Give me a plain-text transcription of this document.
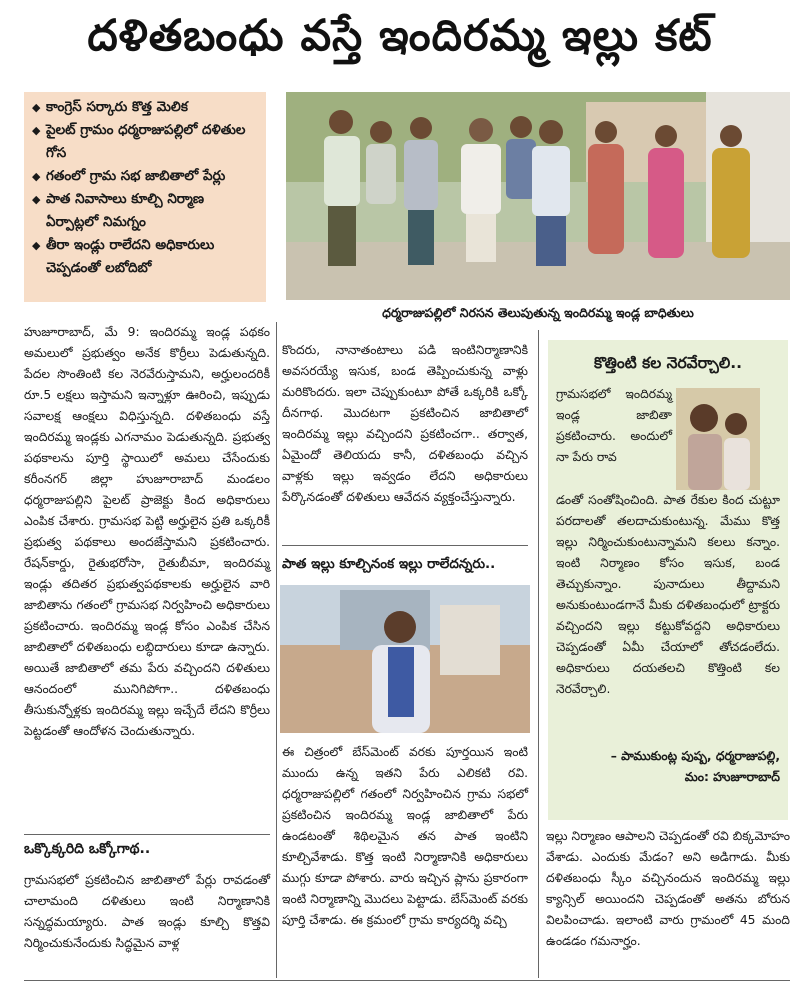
దళితబంధు వస్తే ఇందిరమ్మ ఇల్లు కట్
◆ కాంగ్రెస్ సర్కారు కొత్త మెలిక
◆ పైలట్ గ్రామం ధర్మరాజుపల్లిలో దళితుల గోస
◆ గతంలో గ్రామ సభ జాబితాలో పేర్లు
◆ పాత నివాసాలు కూల్చి నిర్మాణ ఏర్పాట్లలో నిమగ్నం
◆ తీరా ఇండ్లు రాలేదని అధికారులు చెప్పడంతో లబోదిబో
ధర్మరాజుపల్లిలో నిరసన తెలుపుతున్న ఇందిరమ్మ ఇండ్ల బాధితులు

హుజూరాబాద్, మే 9: ఇందిరమ్మ ఇండ్ల పథకం అమలులో ప్రభుత్వం అనేక కొర్రీలు పెడుతున్నది. పేదల సొంతింటి కల నెరవేరుస్తామని, అర్హులందరికీ రూ.5 లక్షలు ఇస్తామని ఇన్నాళ్లూ ఊరించి, ఇప్పుడు సవాలక్ష ఆంక్షలు విధిస్తున్నది. దళితబంధు వస్తే ఇందిరమ్మ ఇండ్లకు ఎగనామం పెడుతున్నది. ప్రభుత్వ పథకాలను పూర్తి స్థాయిలో అమలు చేసేందుకు కరీంనగర్ జిల్లా హుజూరాబాద్ మండలం ధర్మరాజుపల్లిని పైలట్ ప్రాజెక్టు కింద అధికారులు ఎంపిక చేశారు. గ్రామసభ పెట్టి అర్హులైన ప్రతి ఒక్కరికీ ప్రభుత్వ పథకాలు అందజేస్తామని ప్రకటించారు. రేషన్‌కార్డు, రైతుభరోసా, రైతుబీమా, ఇందిరమ్మ ఇండ్లు తదితర ప్రభుత్వపథకాలకు అర్హులైన వారి జాబితాను గతంలో గ్రామసభ నిర్వహించి అధికారులు ప్రకటించారు. ఇందిరమ్మ ఇండ్ల కోసం ఎంపిక చేసిన జాబితాలో దళితబంధు లబ్ధిదారులు కూడా ఉన్నారు. అయితే జాబితాలో తమ పేరు వచ్చిందని దళితులు ఆనందంలో మునిగిపోగా.. దళితబంధు తీసుకున్నోళ్లకు ఇందిరమ్మ ఇల్లు ఇచ్చేదే లేదని కొర్రీలు పెట్టడంతో ఆందోళన చెందుతున్నారు.

ఒక్కొక్కరిది ఒక్కోగాథ..

గ్రామసభలో ప్రకటించిన జాబితాలో పేర్లు రావడంతో చాలామంది దళితులు ఇంటి నిర్మాణానికి సన్నద్ధమయ్యారు. పాత ఇండ్లు కూల్చి కొత్తవి నిర్మించుకునేందుకు సిద్ధమైన వాళ్ల

కొందరు, నానాతంటాలు పడి ఇంటినిర్మాణానికి అవసరయ్యే ఇసుక, బండ తెప్పించుకున్న వాళ్లు మరికొందరు. ఇలా చెప్పుకుంటూ పోతే ఒక్కరికి ఒక్కో దీనగాథ. మొదటగా ప్రకటించిన జాబితాలో ఇందిరమ్మ ఇల్లు వచ్చిందని ప్రకటించగా.. తర్వాత, ఏమైందో తెలియదు కానీ, దళితబంధు వచ్చిన వాళ్లకు ఇల్లు ఇవ్వడం లేదని అధికారులు పేర్కొనడంతో దళితులు ఆవేదన వ్యక్తంచేస్తున్నారు.

పాత ఇల్లు కూల్చినంక ఇల్లు రాలేదన్నరు..

ఈ చిత్రంలో బేస్‌మెంట్ వరకు పూర్తయిన ఇంటి ముందు ఉన్న ఇతని పేరు ఎలికటి రవి. ధర్మరాజుపల్లిలో గతంలో నిర్వహించిన గ్రామ సభలో ప్రకటించిన ఇందిరమ్మ ఇండ్ల జాబితాలో పేరు ఉండటంతో శిథిలమైన తన పాత ఇంటిని కూల్చివేశాడు. కొత్త ఇంటి నిర్మాణానికి అధికారులు ముగ్గు కూడా పోశారు. వారు ఇచ్చిన ప్లాను ప్రకారంగా ఇంటి నిర్మాణాన్ని మొదలు పెట్టాడు. బేస్‌మెంట్ వరకు పూర్తి చేశాడు. ఈ క్రమంలో గ్రామ కార్యదర్శి వచ్చి

కొత్తింటి కల నెరవేర్చాలి..

గ్రామసభలో ఇందిరమ్మ ఇండ్ల జాబితా ప్రకటించారు. అందులో నా పేరు రావ

డంతో సంతోషించింది. పాత రేకుల కింద చుట్టూ పరదాలతో తలదాచుకుంటున్న. మేము కొత్త ఇల్లు నిర్మించుకుంటున్నామని కలలు కన్నాం. ఇంటి నిర్మాణం కోసం ఇసుక, బండ తెచ్చుకున్నాం. పునాదులు తీద్దామని అనుకుంటుండగానే మీకు దళితబంధులో ట్రాక్టరు వచ్చిందని ఇల్లు కట్టుకోవద్దని అధికారులు చెప్పడంతో ఏమీ చేయాలో తోచడంలేదు. అధికారులు దయతలచి కొత్తింటి కల నెరవేర్చాలి.

– పాముకుంట్ల పుష్ప, ధర్మరాజుపల్లి,
మం: హుజూరాబాద్

ఇల్లు నిర్మాణం ఆపాలని చెప్పడంతో రవి బిక్కమోహం వేశాడు. ఎందుకు మేడం? అని అడిగాడు. మీకు దళితబంధు స్కీం వచ్చినందున ఇందిరమ్మ ఇల్లు క్యాన్సిల్ అయిందని చెప్పడంతో అతను బోరున విలపించాడు. ఇలాంటి వారు గ్రామంలో 45 మంది ఉండడం గమనార్హం.
